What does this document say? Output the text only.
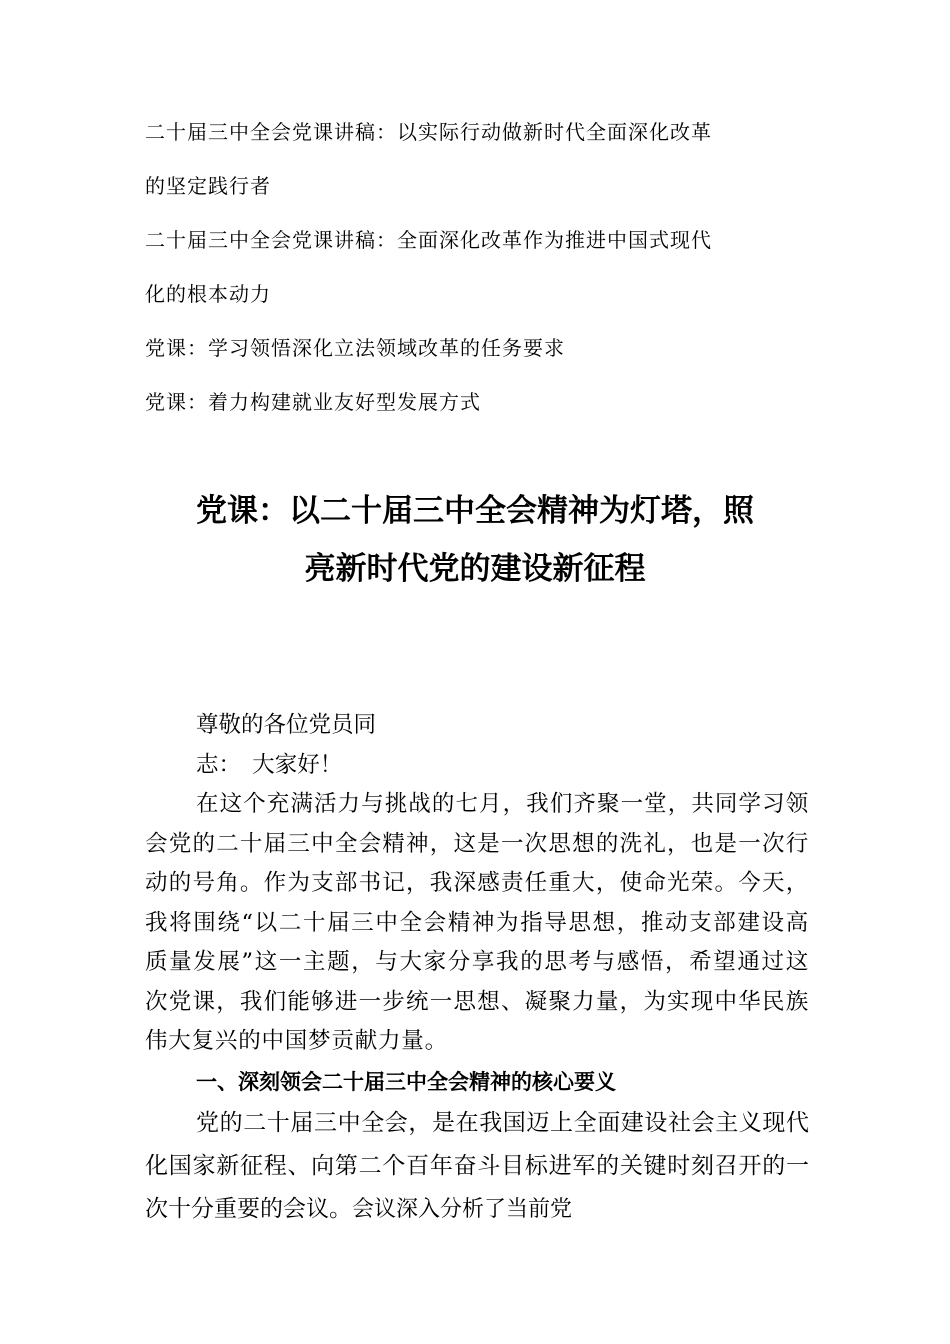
二十届三中全会党课讲稿：以实际行动做新时代全面深化改革
的坚定践行者
二十届三中全会党课讲稿：全面深化改革作为推进中国式现代
化的根本动力
党课：学习领悟深化立法领域改革的任务要求
党课：着力构建就业友好型发展方式
党课：以二十届三中全会精神为灯塔，照
亮新时代党的建设新征程

尊敬的各位党员同

志：　大家好！

在这个充满活力与挑战的七月，我们齐聚一堂，共同学习领会党的二十届三中全会精神，这是一次思想的洗礼，也是一次行动的号角。作为支部书记，我深感责任重大，使命光荣。今天，我将围绕“以二十届三中全会精神为指导思想，推动支部建设高质量发展”这一主题，与大家分享我的思考与感悟，希望通过这次党课，我们能够进一步统一思想、凝聚力量，为实现中华民族伟大复兴的中国梦贡献力量。

一、深刻领会二十届三中全会精神的核心要义

党的二十届三中全会，是在我国迈上全面建设社会主义现代化国家新征程、向第二个百年奋斗目标进军的关键时刻召开的一次十分重要的会议。会议深入分析了当前党
